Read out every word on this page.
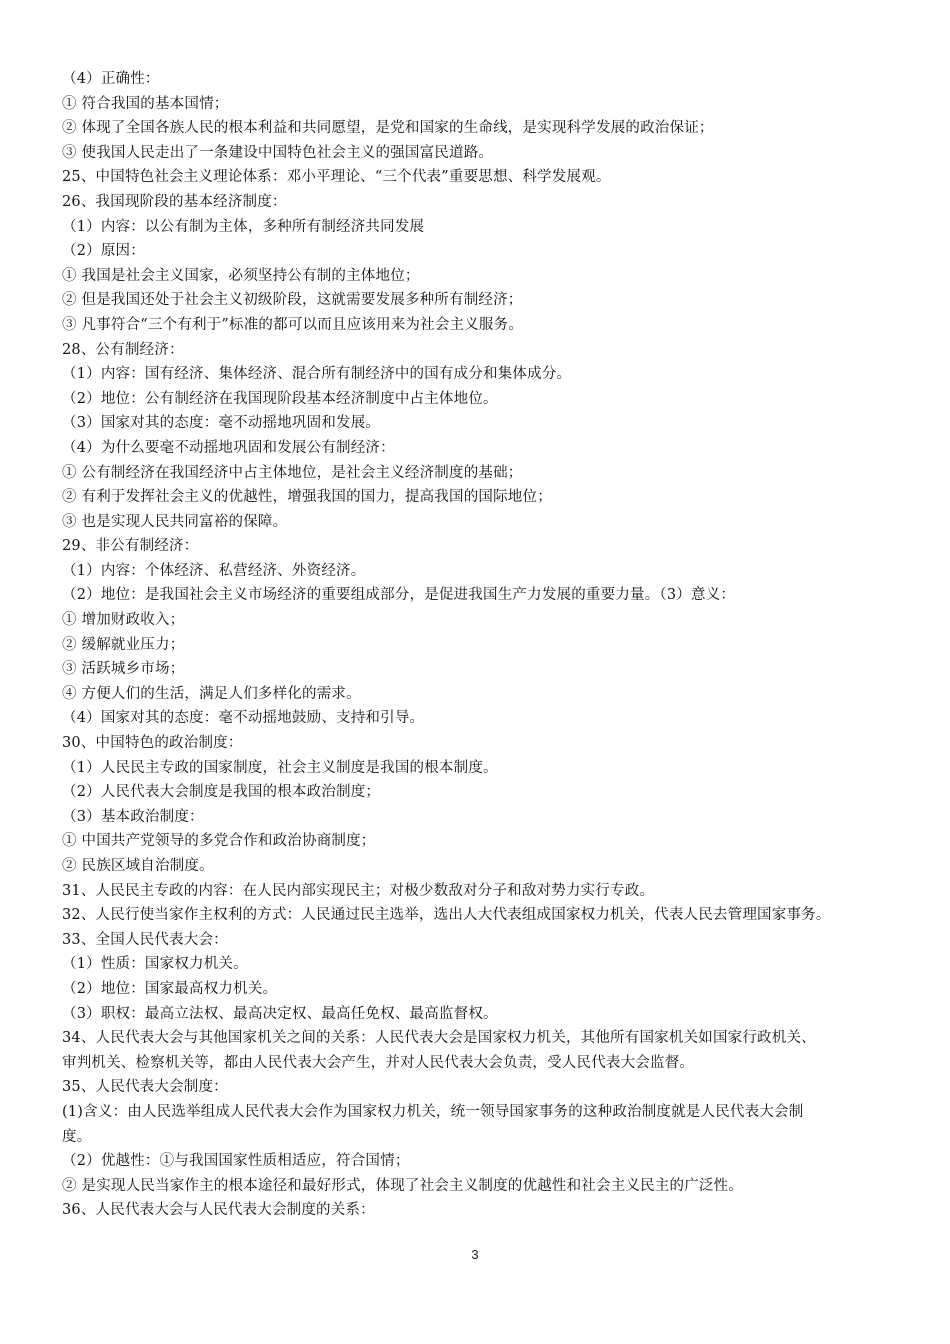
（4）正确性：
① 符合我国的基本国情；
② 体现了全国各族人民的根本利益和共同愿望，是党和国家的生命线，是实现科学发展的政治保证；
③ 使我国人民走出了一条建设中国特色社会主义的强国富民道路。
25、中国特色社会主义理论体系：邓小平理论、“三个代表”重要思想、科学发展观。
26、我国现阶段的基本经济制度：
（1）内容：以公有制为主体，多种所有制经济共同发展
（2）原因：
① 我国是社会主义国家，必须坚持公有制的主体地位；
② 但是我国还处于社会主义初级阶段，这就需要发展多种所有制经济；
③ 凡事符合“三个有利于”标准的都可以而且应该用来为社会主义服务。
28、公有制经济：
（1）内容：国有经济、集体经济、混合所有制经济中的国有成分和集体成分。
（2）地位：公有制经济在我国现阶段基本经济制度中占主体地位。
（3）国家对其的态度：毫不动摇地巩固和发展。
（4）为什么要毫不动摇地巩固和发展公有制经济：
① 公有制经济在我国经济中占主体地位，是社会主义经济制度的基础；
② 有利于发挥社会主义的优越性，增强我国的国力，提高我国的国际地位；
③ 也是实现人民共同富裕的保障。
29、非公有制经济：
（1）内容：个体经济、私营经济、外资经济。
（2）地位：是我国社会主义市场经济的重要组成部分，是促进我国生产力发展的重要力量。（3）意义：
① 增加财政收入；
② 缓解就业压力；
③ 活跃城乡市场；
④ 方便人们的生活，满足人们多样化的需求。
（4）国家对其的态度：毫不动摇地鼓励、支持和引导。
30、中国特色的政治制度：
（1）人民民主专政的国家制度，社会主义制度是我国的根本制度。
（2）人民代表大会制度是我国的根本政治制度；
（3）基本政治制度：
① 中国共产党领导的多党合作和政治协商制度；
② 民族区域自治制度。
31、人民民主专政的内容：在人民内部实现民主；对极少数敌对分子和敌对势力实行专政。
32、人民行使当家作主权利的方式：人民通过民主选举，选出人大代表组成国家权力机关，代表人民去管理国家事务。
33、全国人民代表大会：
（1）性质：国家权力机关。
（2）地位：国家最高权力机关。
（3）职权：最高立法权、最高决定权、最高任免权、最高监督权。
34、人民代表大会与其他国家机关之间的关系：人民代表大会是国家权力机关，其他所有国家机关如国家行政机关、
审判机关、检察机关等，都由人民代表大会产生，并对人民代表大会负责，受人民代表大会监督。
35、人民代表大会制度：
(1)含义：由人民选举组成人民代表大会作为国家权力机关，统一领导国家事务的这种政治制度就是人民代表大会制
度。
（2）优越性：①与我国国家性质相适应，符合国情；
② 是实现人民当家作主的根本途径和最好形式，体现了社会主义制度的优越性和社会主义民主的广泛性。
36、人民代表大会与人民代表大会制度的关系：
3
